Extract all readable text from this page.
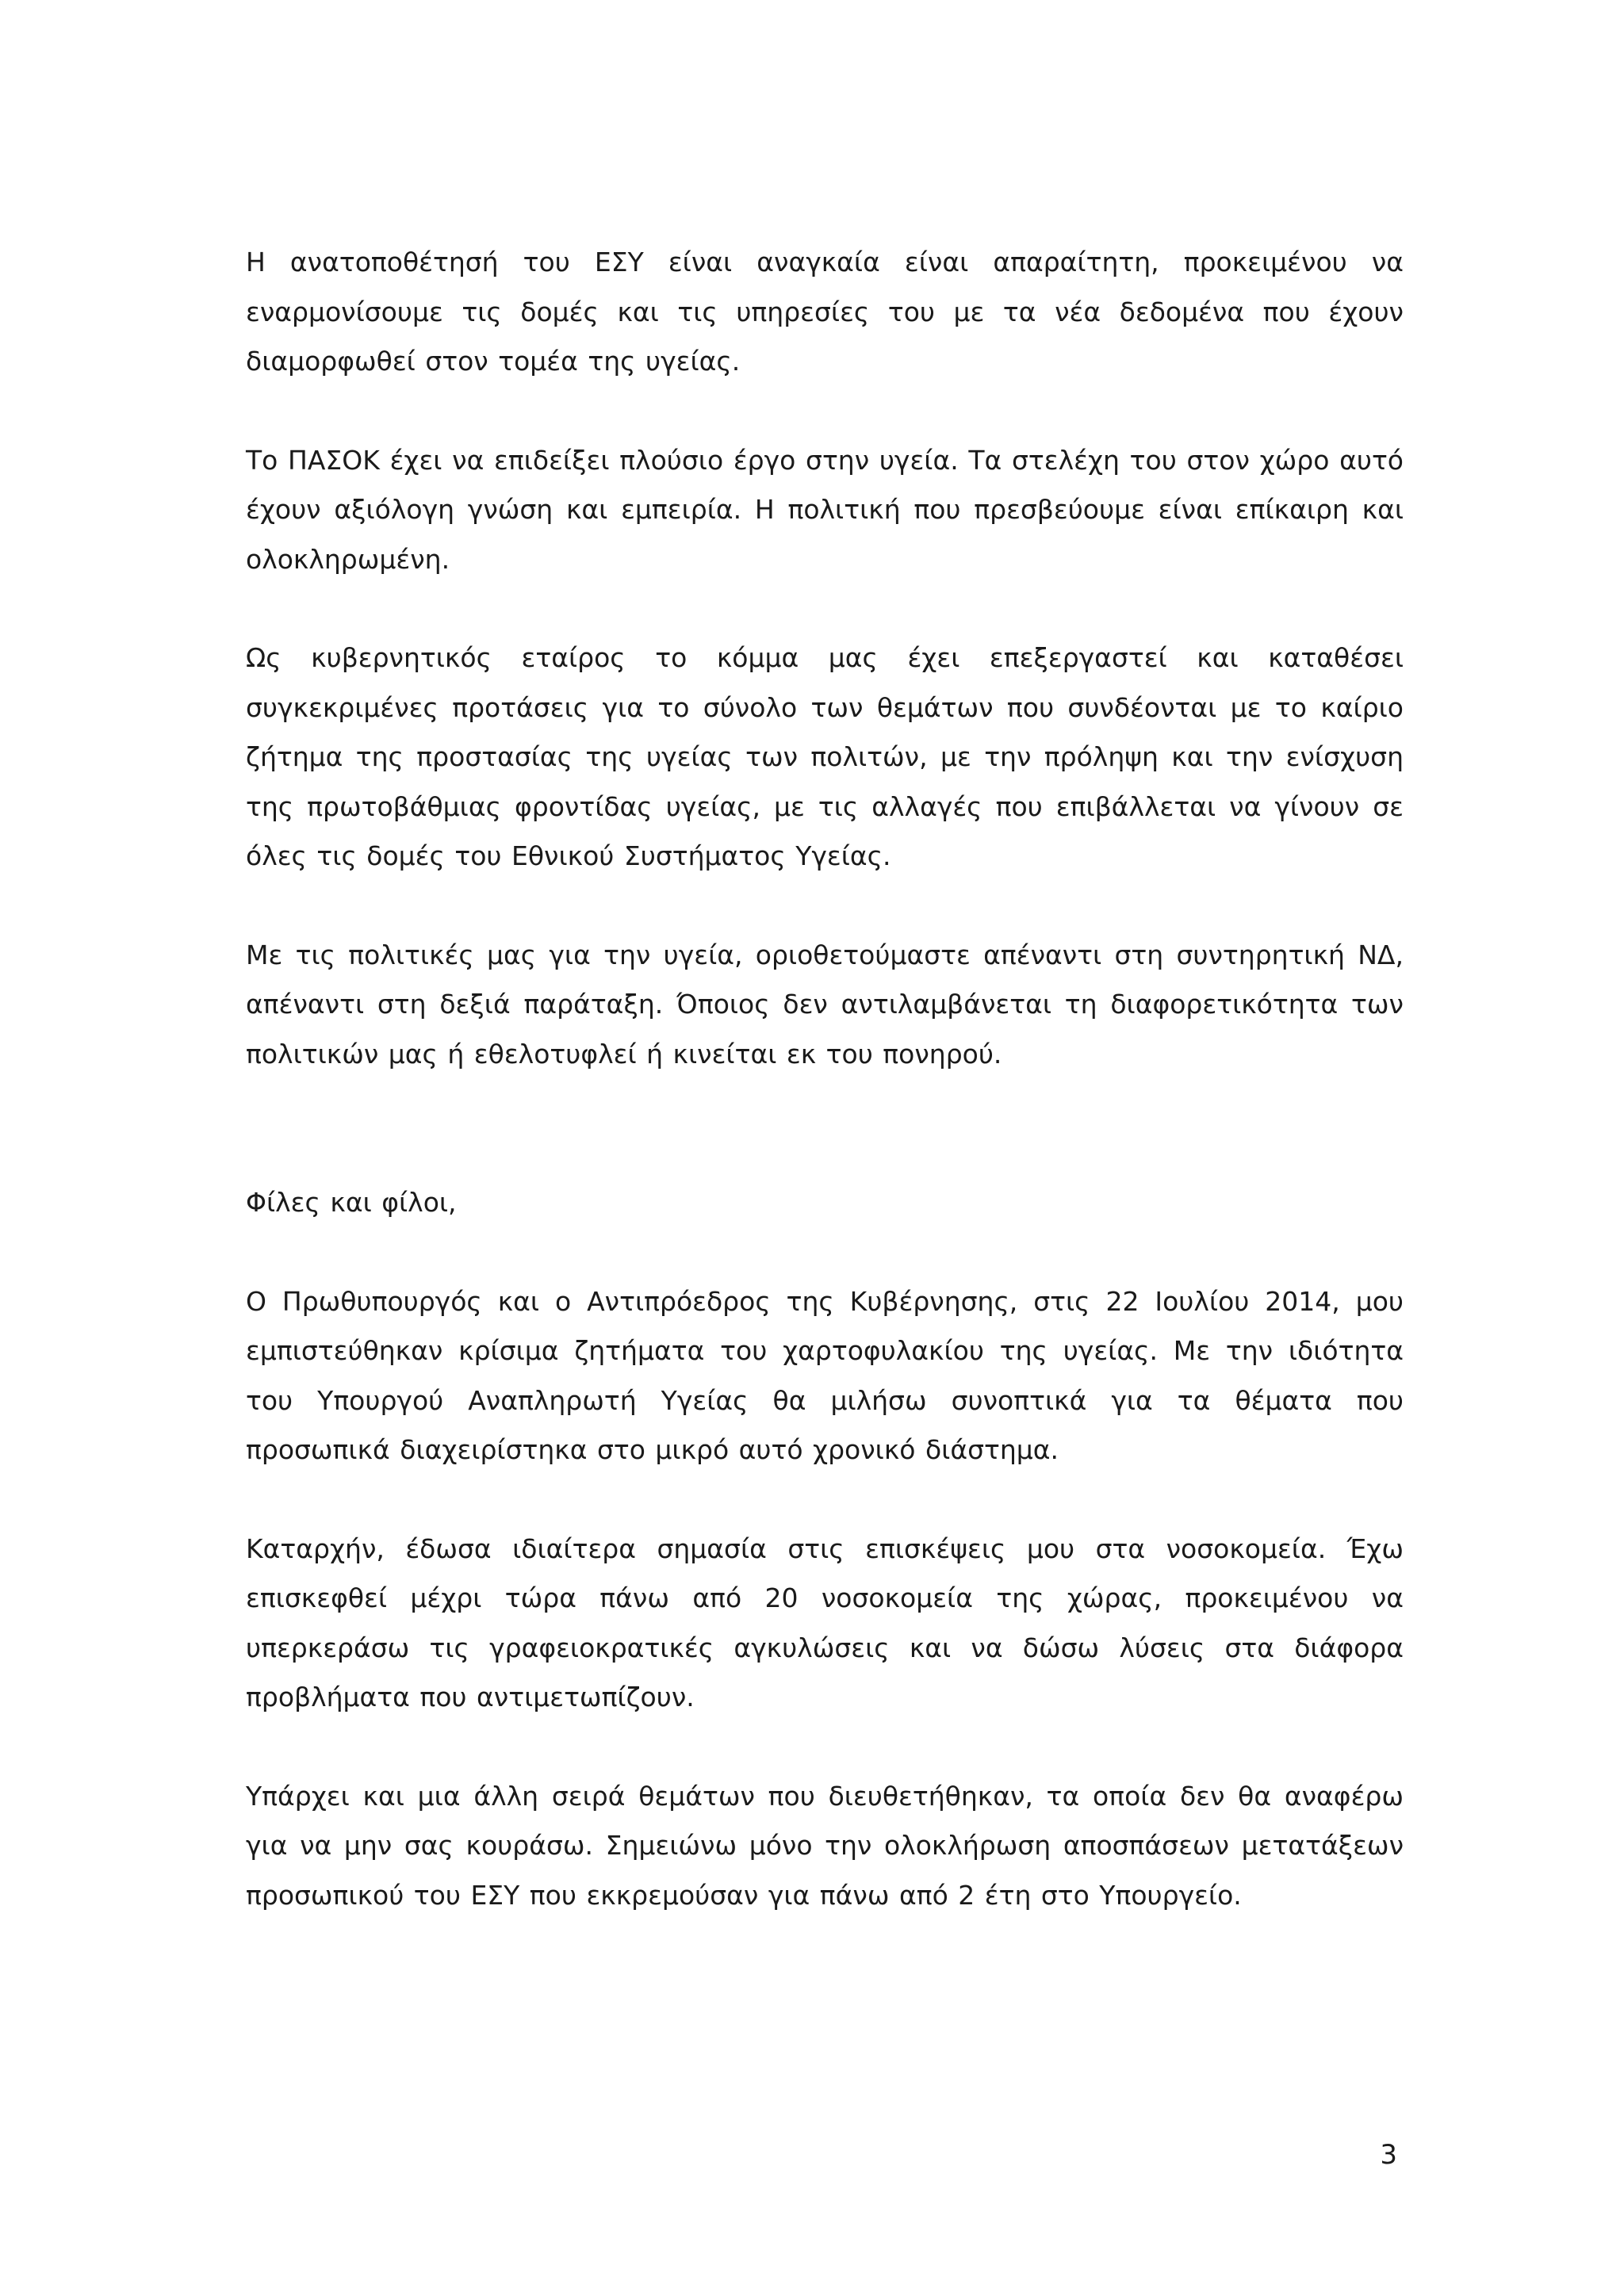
Η ανατοποθέτησή του ΕΣΥ είναι αναγκαία είναι απαραίτητη, προκειμένου να εναρμονίσουμε τις δομές και τις υπηρεσίες του με τα νέα δεδομένα που έχουν διαμορφωθεί στον τομέα της υγείας.

Το ΠΑΣΟΚ έχει να επιδείξει πλούσιο έργο στην υγεία. Τα στελέχη του στον χώρο αυτό έχουν αξιόλογη γνώση και εμπειρία. Η πολιτική που πρεσβεύουμε είναι επίκαιρη και ολοκληρωμένη.

Ως κυβερνητικός εταίρος το κόμμα μας έχει επεξεργαστεί και καταθέσει συγκεκριμένες προτάσεις για το σύνολο των θεμάτων που συνδέονται με το καίριο ζήτημα της προστασίας της υγείας των πολιτών, με την πρόληψη και την ενίσχυση της πρωτοβάθμιας φροντίδας υγείας, με τις αλλαγές που επιβάλλεται να γίνουν σε όλες τις δομές του Εθνικού Συστήματος Υγείας.

Με τις πολιτικές μας για την υγεία, οριοθετούμαστε απέναντι στη συντηρητική ΝΔ, απέναντι στη δεξιά παράταξη. Όποιος δεν αντιλαμβάνεται τη διαφορετικότητα των πολιτικών μας ή εθελοτυφλεί ή κινείται εκ του πονηρού.

Φίλες και φίλοι,

Ο Πρωθυπουργός και ο Αντιπρόεδρος της Κυβέρνησης, στις 22 Ιουλίου 2014, μου εμπιστεύθηκαν κρίσιμα ζητήματα του χαρτοφυλακίου της υγείας. Με την ιδιότητα του Υπουργού Αναπληρωτή Υγείας θα μιλήσω συνοπτικά για τα θέματα που προσωπικά διαχειρίστηκα στο μικρό αυτό χρονικό διάστημα.

Καταρχήν, έδωσα ιδιαίτερα σημασία στις επισκέψεις μου στα νοσοκομεία. Έχω επισκεφθεί μέχρι τώρα πάνω από 20 νοσοκομεία της χώρας, προκειμένου να υπερκεράσω τις γραφειοκρατικές αγκυλώσεις και να δώσω λύσεις στα διάφορα προβλήματα που αντιμετωπίζουν.

Υπάρχει και μια άλλη σειρά θεμάτων που διευθετήθηκαν, τα οποία δεν θα αναφέρω για να μην σας κουράσω. Σημειώνω μόνο την ολοκλήρωση αποσπάσεων μετατάξεων προσωπικού του ΕΣΥ που εκκρεμούσαν για πάνω από 2 έτη στο Υπουργείο.

3
